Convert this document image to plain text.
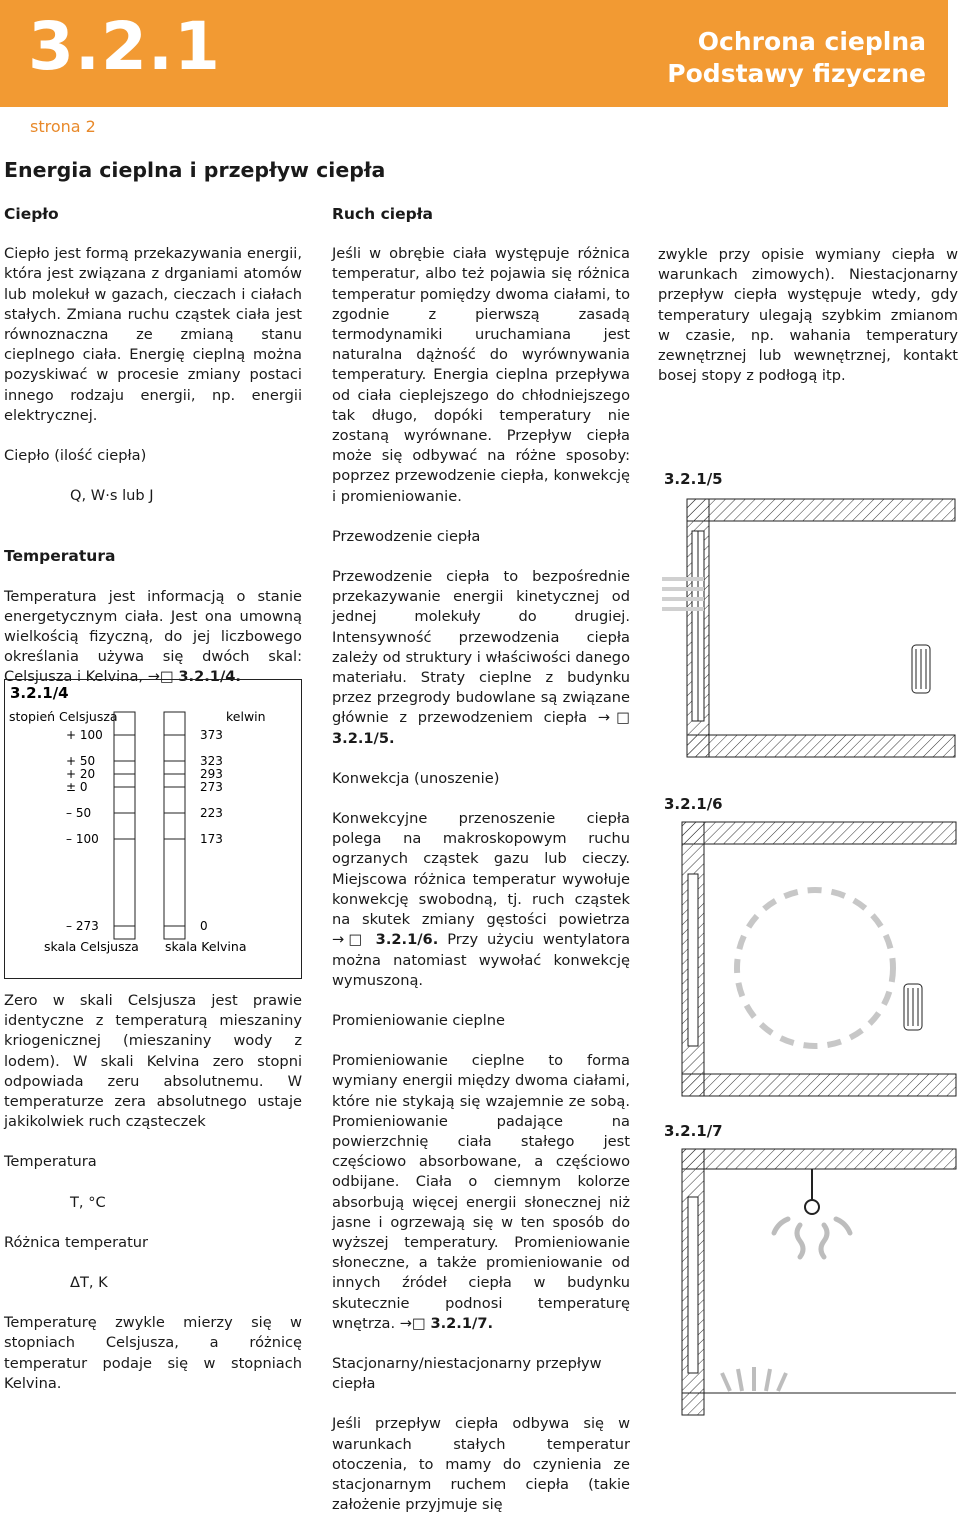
3.2.1	Ochrona cieplna
Podstawy fizyczne
strona 2
Energia cieplna i przepływ ciepła

Ciepło

Ciepło jest formą przekazywania energii, która jest związana z drganiami atomów lub molekuł w gazach, cieczach i ciałach stałych. Zmiana ruchu cząstek ciała jest równoznaczna ze zmianą stanu cieplnego ciała. Energię cieplną można pozyskiwać w procesie zmiany postaci innego rodzaju energii, np. energii elektrycznej.

Ciepło (ilość ciepła)

Q, W·s lub J

Temperatura

Temperatura jest informacją o stanie energetycznym ciała. Jest ona umowną wielkością fizyczną, do jej liczbowego określania używa się dwóch skal: Celsjusza i Kelvina, →□ 3.2.1/4.

3.2.1/4
stopień Celsjusza	kelwin
+ 100
+ 50
+ 20
± 0
– 50
– 100
– 273
373
323
293
273
223
173
0
skala Celsjusza skala Kelvina

Zero w skali Celsjusza jest prawie identyczne z temperaturą mieszaniny kriogenicznej (mieszaniny wody z lodem). W skali Kelvina zero stopni odpowiada zeru absolutnemu. W temperaturze zera absolutnego ustaje jakikolwiek ruch cząsteczek

Temperatura

T, °C

Różnica temperatur

ΔT, K

Temperaturę zwykle mierzy się w stopniach Celsjusza, a różnicę temperatur podaje się w stopniach Kelvina.

Ruch ciepła

Jeśli w obrębie ciała występuje różnica temperatur, albo też pojawia się różnica temperatur pomiędzy dwoma ciałami, to zgodnie z pierwszą zasadą termodynamiki uruchamiana jest naturalna dążność do wyrównywania temperatury. Energia cieplna przepływa od ciała cieplejszego do chłodniejszego tak długo, dopóki temperatury nie zostaną wyrównane. Przepływ ciepła może się odbywać na różne sposoby: poprzez przewodzenie ciepła, konwekcję i promieniowanie.

Przewodzenie ciepła

Przewodzenie ciepła to bezpośrednie przekazywanie energii kinetycznej od jednej molekuły do drugiej. Intensywność przewodzenia ciepła zależy od struktury i właściwości danego materiału. Straty cieplne z budynku przez przegrody budowlane są związane głównie z przewodzeniem ciepła →□ 3.2.1/5.

Konwekcja (unoszenie)

Konwekcyjne przenoszenie ciepła polega na makroskopowym ruchu ogrzanych cząstek gazu lub cieczy. Miejscowa różnica temperatur wywołuje konwekcję swobodną, tj. ruch cząstek na skutek zmiany gęstości powietrza →□ 3.2.1/6. Przy użyciu wentylatora można natomiast wywołać konwekcję wymuszoną.

Promieniowanie cieplne

Promieniowanie cieplne to forma wymiany energii między dwoma ciałami, które nie stykają się wzajemnie ze sobą. Promieniowanie padające na powierzchnię ciała stałego jest częściowo absorbowane, a częściowo odbijane. Ciała o ciemnym kolorze absorbują więcej energii słonecznej niż jasne i ogrzewają się w ten sposób do wyższej temperatury. Promieniowanie słoneczne, a także promieniowanie od innych źródeł ciepła w budynku skutecznie podnosi temperaturę wnętrza. →□ 3.2.1/7.

Stacjonarny/niestacjonarny przepływ ciepła

Jeśli przepływ ciepła odbywa się w warunkach stałych temperatur otoczenia, to mamy do czynienia ze stacjonarnym ruchem ciepła (takie założenie przyjmuje się

zwykle przy opisie wymiany ciepła w warunkach zimowych). Niestacjonarny przepływ ciepła występuje wtedy, gdy temperatury ulegają szybkim zmianom w czasie, np. wahania temperatury zewnętrznej lub wewnętrznej, kontakt bosej stopy z podłogą itp.
3.2.1/5
3.2.1/6
3.2.1/7
